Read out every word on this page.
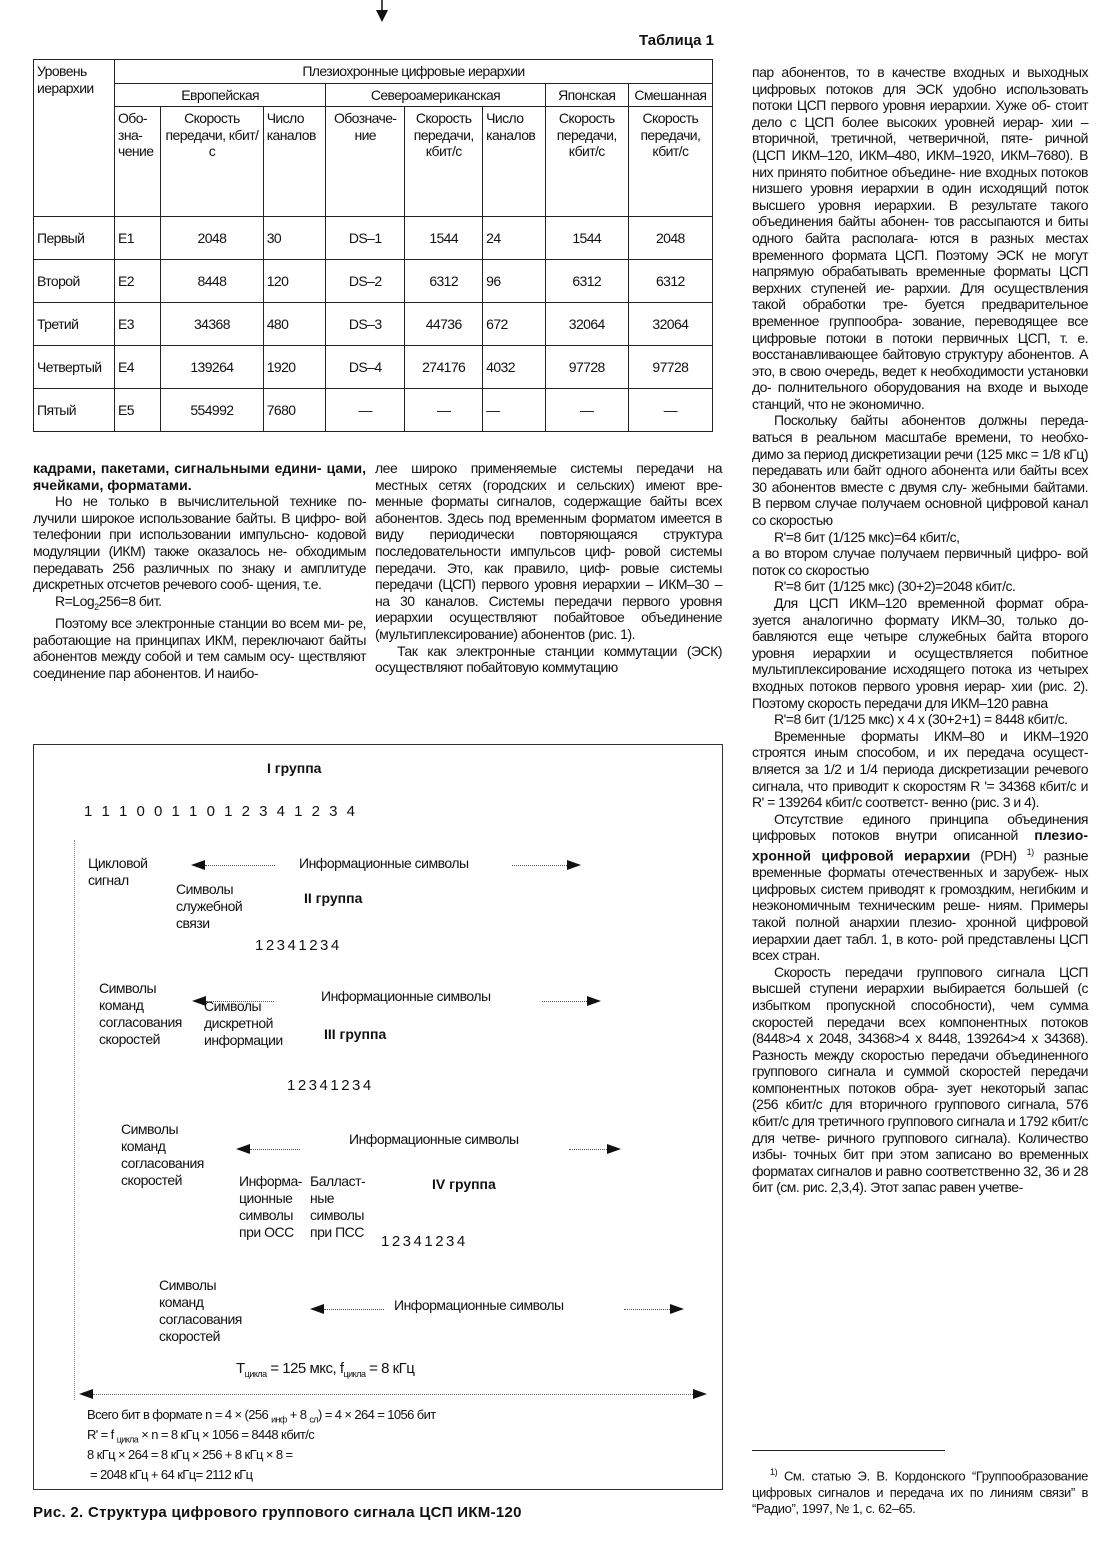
Таблица 1
Уровень иерархии	Плезиохронные цифровые иерархии							
	Европейская			Североамериканская			Японская	Смешанная
	Обо- зна- чение	Скорость передачи, кбит/с	Число каналов	Обозначе- ние	Скорость передачи, кбит/с	Число каналов	Скорость передачи, кбит/с	Скорость передачи, кбит/с
Первый	E1	2048	30	DS–1	1544	24	1544	2048
Второй	E2	8448	120	DS–2	6312	96	6312	6312
Третий	E3	34368	480	DS–3	44736	672	32064	32064
Четвертый	E4	139264	1920	DS–4	274176	4032	97728	97728
Пятый	E5	554992	7680	—	—	—	—	—

кадрами, пакетами, сигнальными едини- цами, ячейками, форматами.

Но не только в вычислительной технике по- лучили широкое использование байты. В цифро- вой телефонии при использовании импульсно- кодовой модуляции (ИКМ) также оказалось не- обходимым передавать 256 различных по знаку и амплитуде дискретных отсчетов речевого сооб- щения, т.е.

R=Log$_2$256=8 бит.

Поэтому все электронные станции во всем ми- ре, работающие на принципах ИКМ, переключают байты абонентов между собой и тем самым осу- ществляют соединение пар абонентов. И наибо-

лее широко применяемые системы передачи на местных сетях (городских и сельских) имеют вре- менные форматы сигналов, содержащие байты всех абонентов. Здесь под временным форматом имеется в виду периодически повторяющаяся структура последовательности импульсов циф- ровой системы передачи. Это, как правило, циф- ровые системы передачи (ЦСП) первого уровня иерархии – ИКМ–30 – на 30 каналов. Системы передачи первого уровня иерархии осуществляют побайтовое объединение (мультиплексирование) абонентов (рис. 1).

Так как электронные станции коммутации (ЭСК) осуществляют побайтовую коммутацию

пар абонентов, то в качестве входных и выходных цифровых потоков для ЭСК удобно использовать потоки ЦСП первого уровня иерархии. Хуже об- стоит дело с ЦСП более высоких уровней иерар- хии – вторичной, третичной, четверичной, пяте- ричной (ЦСП ИКМ–120, ИКМ–480, ИКМ–1920, ИКМ–7680). В них принято побитное объедине- ние входных потоков низшего уровня иерархии в один исходящий поток высшего уровня иерархии. В результате такого объединения байты абонен- тов рассыпаются и биты одного байта располага- ются в разных местах временного формата ЦСП. Поэтому ЭСК не могут напрямую обрабатывать временные форматы ЦСП верхних ступеней ие- рархии. Для осуществления такой обработки тре- буется предварительное временное группообра- зование, переводящее все цифровые потоки в потоки первичных ЦСП, т. е. восстанавливающее байтовую структуру абонентов. А это, в свою очередь, ведет к необходимости установки до- полнительного оборудования на входе и выходе станций, что не экономично.

Поскольку байты абонентов должны переда- ваться в реальном масштабе времени, то необхо- димо за период дискретизации речи (125 мкс = 1/8 кГц) передавать или байт одного абонента или байты всех 30 абонентов вместе с двумя слу- жебными байтами. В первом случае получаем основной цифровой канал со скоростью

R'=8 бит (1/125 мкс)=64 кбит/с,

а во втором случае получаем первичный цифро- вой поток со скоростью

R'=8 бит (1/125 мкс) (30+2)=2048 кбит/с.

Для ЦСП ИКМ–120 временной формат обра- зуется аналогично формату ИКМ–30, только до- бавляются еще четыре служебных байта второго уровня иерархии и осуществляется побитное мультиплексирование исходящего потока из четырех входных потоков первого уровня иерар- хии (рис. 2). Поэтому скорость передачи для ИКМ–120 равна

R'=8 бит (1/125 мкс) х 4 х (30+2+1) = 8448 кбит/с.

Временные форматы ИКМ–80 и ИКМ–1920 строятся иным способом, и их передача осущест- вляется за 1/2 и 1/4 периода дискретизации речевого сигнала, что приводит к скоростям R '= 34368 кбит/с и R' = 139264 кбит/с соответст- венно (рис. 3 и 4).

Отсутствие единого принципа объединения цифровых потоков внутри описанной плезио- хронной цифровой иерархии (PDH) $^{1)}$ разные временные форматы отечественных и зарубеж- ных цифровых систем приводят к громоздким, негибким и неэкономичным техническим реше- ниям. Примеры такой полной анархии плезио- хронной цифровой иерархии дает табл. 1, в кото- рой представлены ЦСП всех стран.

Скорость передачи группового сигнала ЦСП высшей ступени иерархии выбирается большей (с избытком пропускной способности), чем сумма скоростей передачи всех компонентных потоков (8448>4 х 2048, 34368>4 х 8448, 139264>4 х 34368). Разность между скоростью передачи объединенного группового сигнала и суммой скоростей передачи компонентных потоков обра- зует некоторый запас (256 кбит/с для вторичного группового сигнала, 576 кбит/с для третичного группового сигнала и 1792 кбит/с для четве- ричного группового сигнала). Количество избы- точных бит при этом записано во временных форматах сигналов и равно соответственно 32, 36 и 28 бит (см. рис. 2,3,4). Этот запас равен учетве-

$^{1)}$ См. статью Э. В. Кордонского “Группообразование цифровых сигналов и передача их по линиям связи” в “Радио”, 1997, № 1, с. 62–65.

I группа
1 1 1 0 0 1 1 0 1 2 3 4 1 2 3 4
Цикловой сигнал
Информационные символы
Символы служебной связи
II группа
12341234
Символы команд согласования скоростей
Информационные символы
Символы дискретной информации	III группа
12341234
Символы команд согласования скоростей
Информационные символы
Информа- ционные символы при ОСС
Балласт- ные символы при ПСС
IV группа
12341234
Символы команд согласования скоростей
Информационные символы
$T_{цикла} = 125$ мкс, $f_{цикла} = 8$ кГц
Всего бит в формате n = 4 × (256 $_{инф}$ + 8 $_{сл}$) = 4 × 264 = 1056 бит
R' = f $_{цикла}$ × n = 8 кГц × 1056 = 8448 кбит/с
8 кГц × 264 = 8 кГц × 256 + 8 кГц × 8 =
= 2048 кГц + 64 кГц= 2112 кГц
Рис. 2. Структура цифрового группового сигнала ЦСП ИКМ-120
